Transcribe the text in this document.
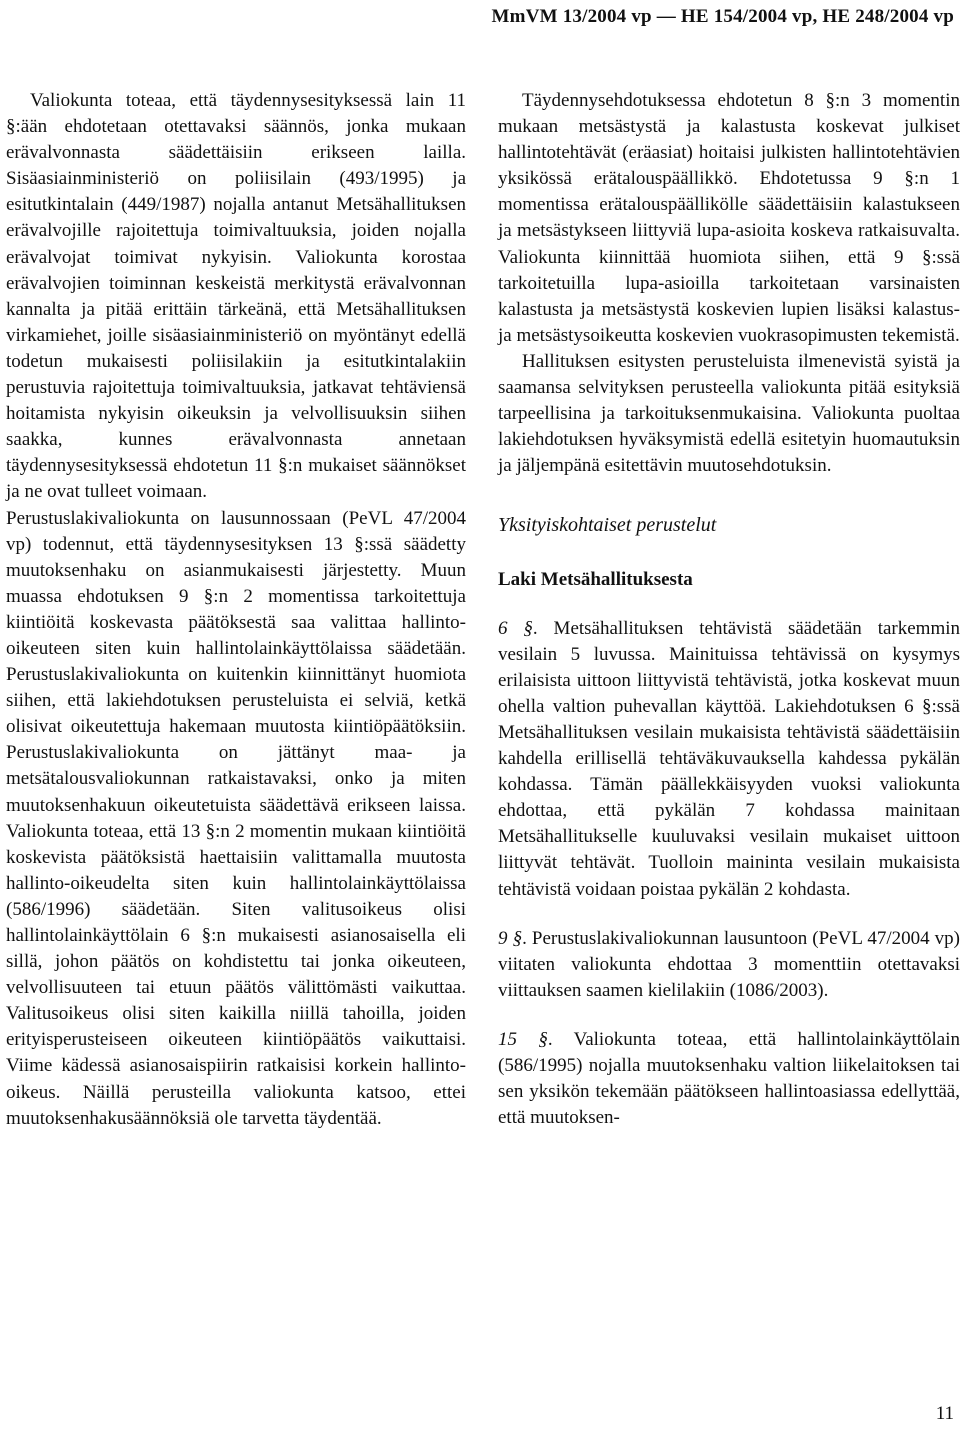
MmVM 13/2004 vp — HE 154/2004 vp, HE 248/2004 vp

Valiokunta toteaa, että täydennysesityksessä lain 11 §:ään ehdotetaan otettavaksi säännös, jonka mukaan erävalvonnasta säädettäisiin erikseen lailla. Sisäasiainministeriö on poliisilain (493/1995) ja esitutkintalain (449/1987) nojalla antanut Metsähallituksen erävalvojille rajoitettuja toimivaltuuksia, joiden nojalla erävalvojat toimivat nykyisin. Valiokunta korostaa erävalvojien toiminnan keskeistä merkitystä erävalvonnan kannalta ja pitää erittäin tärkeänä, että Metsähallituksen virkamiehet, joille sisäasiainministeriö on myöntänyt edellä todetun mukaisesti poliisilakiin ja esitutkintalakiin perustuvia rajoitettuja toimivaltuuksia, jatkavat tehtäviensä hoitamista nykyisin oikeuksin ja velvollisuuksin siihen saakka, kunnes erävalvonnasta annetaan täydennysesityksessä ehdotetun 11 §:n mukaiset säännökset ja ne ovat tulleet voimaan.

Perustuslakivaliokunta on lausunnossaan (PeVL 47/2004 vp) todennut, että täydennysesityksen 13 §:ssä säädetty muutoksenhaku on asianmukaisesti järjestetty. Muun muassa ehdotuksen 9 §:n 2 momentissa tarkoitettuja kiintiöitä koskevasta päätöksestä saa valittaa hallinto-oikeuteen siten kuin hallintolainkäyttölaissa säädetään. Perustuslakivaliokunta on kuitenkin kiinnittänyt huomiota siihen, että lakiehdotuksen perusteluista ei selviä, ketkä olisivat oikeutettuja hakemaan muutosta kiintiöpäätöksiin. Perustuslakivaliokunta on jättänyt maa- ja metsätalousvaliokunnan ratkaistavaksi, onko ja miten muutoksenhakuun oikeutetuista säädettävä erikseen laissa. Valiokunta toteaa, että 13 §:n 2 momentin mukaan kiintiöitä koskevista päätöksistä haettaisiin valittamalla muutosta hallinto-oikeudelta siten kuin hallintolainkäyttölaissa (586/1996) säädetään. Siten valitusoikeus olisi hallintolainkäyttölain 6 §:n mukaisesti asianosaisella eli sillä, johon päätös on kohdistettu tai jonka oikeuteen, velvollisuuteen tai etuun päätös välittömästi vaikuttaa. Valitusoikeus olisi siten kaikilla niillä tahoilla, joiden erityisperusteiseen oikeuteen kiintiöpäätös vaikuttaisi. Viime kädessä asianosaispiirin ratkaisisi korkein hallinto-oikeus. Näillä perusteilla valiokunta katsoo, ettei muutoksenhakusäännöksiä ole tarvetta täydentää.

Täydennysehdotuksessa ehdotetun 8 §:n 3 momentin mukaan metsästystä ja kalastusta koskevat julkiset hallintotehtävät (eräasiat) hoitaisi julkisten hallintotehtävien yksikössä erätalouspäällikkö. Ehdotetussa 9 §:n 1 momentissa erätalouspäällikölle säädettäisiin kalastukseen ja metsästykseen liittyviä lupa-asioita koskeva ratkaisuvalta. Valiokunta kiinnittää huomiota siihen, että 9 §:ssä tarkoitetuilla lupa-asioilla tarkoitetaan varsinaisten kalastusta ja metsästystä koskevien lupien lisäksi kalastus- ja metsästysoikeutta koskevien vuokrasopimusten tekemistä.

Hallituksen esitysten perusteluista ilmenevistä syistä ja saamansa selvityksen perusteella valiokunta pitää esityksiä tarpeellisina ja tarkoituksenmukaisina. Valiokunta puoltaa lakiehdotuksen hyväksymistä edellä esitetyin huomautuksin ja jäljempänä esitettävin muutosehdotuksin.

Yksityiskohtaiset perustelut

Laki Metsähallituksesta

6 §. Metsähallituksen tehtävistä säädetään tarkemmin vesilain 5 luvussa. Mainituissa tehtävissä on kysymys erilaisista uittoon liittyvistä tehtävistä, jotka koskevat muun ohella valtion puhevallan käyttöä. Lakiehdotuksen 6 §:ssä Metsähallituksen vesilain mukaisista tehtävistä säädettäisiin kahdella erillisellä tehtäväkuvauksella kahdessa pykälän kohdassa. Tämän päällekkäisyyden vuoksi valiokunta ehdottaa, että pykälän 7 kohdassa mainitaan Metsähallitukselle kuuluvaksi vesilain mukaiset uittoon liittyvät tehtävät. Tuolloin maininta vesilain mukaisista tehtävistä voidaan poistaa pykälän 2 kohdasta.

9 §. Perustuslakivaliokunnan lausuntoon (PeVL 47/2004 vp) viitaten valiokunta ehdottaa 3 momenttiin otettavaksi viittauksen saamen kielilakiin (1086/2003).

15 §. Valiokunta toteaa, että hallintolainkäyttölain (586/1995) nojalla muutoksenhaku valtion liikelaitoksen tai sen yksikön tekemään päätökseen hallintoasiassa edellyttää, että muutoksen-

11
